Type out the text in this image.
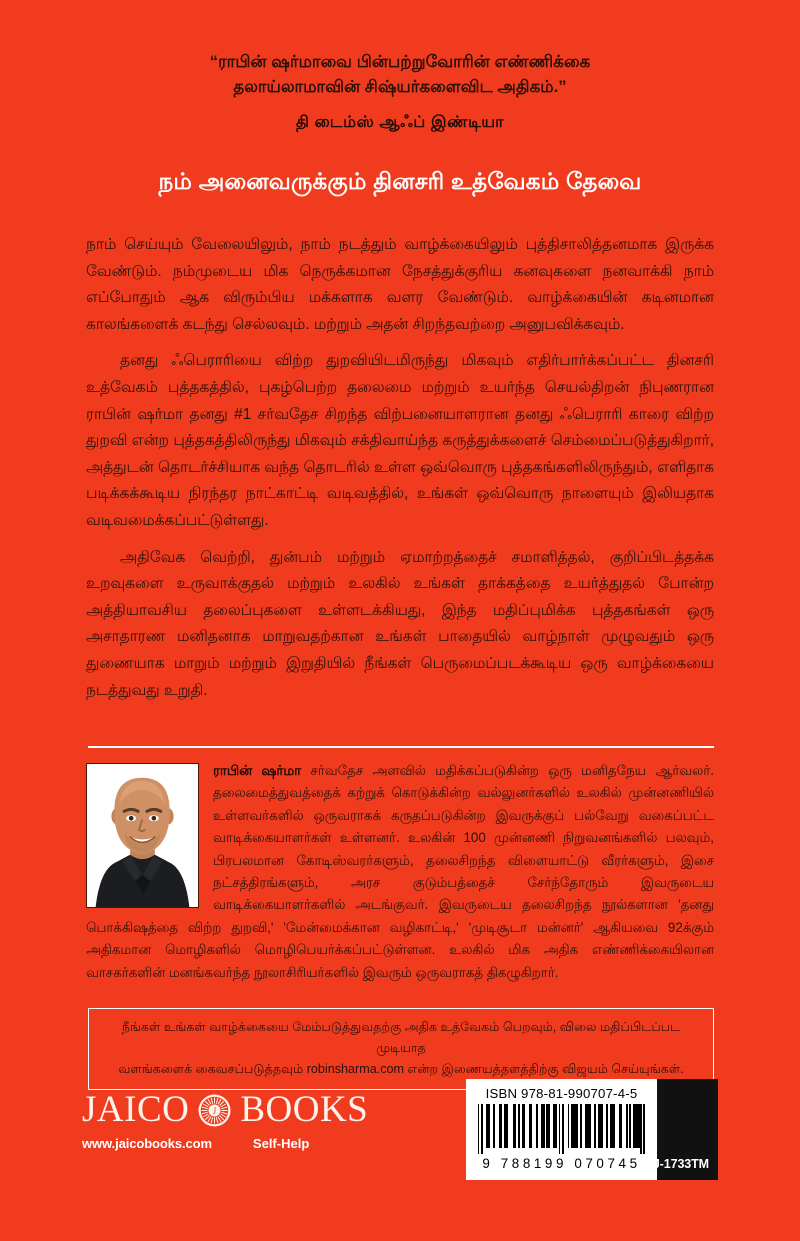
“ராபின் ஷர்மாவை பின்பற்றுவோரின் எண்ணிக்கை
தலாய்லாமாவின் சிஷ்யர்களைவிட அதிகம்.”
தி டைம்ஸ் ஆஃப் இண்டியா
நம் அனைவருக்கும் தினசரி உத்வேகம் தேவை

நாம் செய்யும் வேலையிலும், நாம் நடத்தும் வாழ்க்கையிலும் புத்திசாலித்தனமாக இருக்க வேண்டும். நம்முடைய மிக நெருக்கமான நேசத்துக்குரிய கனவுகளை நனவாக்கி நாம் எப்போதும் ஆக விரும்பிய மக்களாக வளர வேண்டும். வாழ்க்கையின் கடினமான காலங்களைக் கடந்து செல்லவும். மற்றும் அதன் சிறந்தவற்றை அனுபவிக்கவும்.

தனது ஃபெராரியை விற்ற துறவியிடமிருந்து மிகவும் எதிர்பார்க்கப்பட்ட தினசரி உத்வேகம் புத்தகத்தில், புகழ்பெற்ற தலைமை மற்றும் உயர்ந்த செயல்திறன் நிபுணரான ராபின் ஷர்மா தனது #1 சர்வதேச சிறந்த விற்பனையாளரான தனது ஃபெராரி காரை விற்ற துறவி என்ற புத்தகத்திலிருந்து மிகவும் சக்திவாய்ந்த கருத்துக்களைச் செம்மைப்படுத்துகிறார், அத்துடன் தொடர்ச்சியாக வந்த தொடரில் உள்ள ஒவ்வொரு புத்தகங்களிலிருந்தும், எளிதாக படிக்கக்கூடிய நிரந்தர நாட்காட்டி வடிவத்தில், உங்கள் ஒவ்வொரு நாளையும் இலியதாக வடிவமைக்கப்பட்டுள்ளது.

அதிவேக வெற்றி, துன்பம் மற்றும் ஏமாற்றத்தைச் சமாளித்தல், குறிப்பிடத்தக்க உறவுகளை உருவாக்குதல் மற்றும் உலகில் உங்கள் தாக்கத்தை உயர்த்துதல் போன்ற அத்தியாவசிய தலைப்புகளை உள்ளடக்கியது, இந்த மதிப்புமிக்க புத்தகங்கள் ஒரு அசாதாரண மனிதனாக மாறுவதற்கான உங்கள் பாதையில் வாழ்நாள் முழுவதும் ஒரு துணையாக மாறும் மற்றும் இறுதியில் நீங்கள் பெருமைப்படக்கூடிய ஒரு வாழ்க்கையை நடத்துவது உறுதி.

ராபின் ஷர்மா சர்வதேச அளவில் மதிக்கப்படுகின்ற ஒரு மனிதநேய ஆர்வலர். தலைமைத்துவத்தைக் கற்றுக் கொடுக்கின்ற வல்லுனர்களில் உலகில் முன்னணியில் உள்ளவர்களில் ஒருவராகக் கருதப்படுகின்ற இவருக்குப் பல்வேறு வகைப்பட்ட வாடிக்கையாளர்கள் உள்ளனர். உலகின் 100 முன்னணி நிறுவனங்களில் பலவும், பிரபலமான கோடிஸ்வரர்களும், தலைசிறந்த விளையாட்டு வீரர்களும், இசை நட்சத்திரங்களும், அரச குடும்பத்தைச் சேர்ந்தோரும் இவருடைய வாடிக்கையாளர்களில் அடங்குவர். இவருடைய தலைசிறந்த நூல்களான 'தனது பொக்கிஷத்தை விற்ற துறவி,' 'மேன்மைக்கான வழிகாட்டி,' 'முடிசூடா மன்னர்' ஆகியவை 92க்கும் அதிகமான மொழிகளில் மொழிபெயர்க்கப்பட்டுள்ளன. உலகில் மிக அதிக எண்ணிக்கையிலான வாசகர்களின் மனங்கவர்ந்த நூலாசிரியர்களில் இவரும் ஒருவராகத் திகழுகிறார்.
நீங்கள் உங்கள் வாழ்க்கையை மேம்படுத்துவதற்கு அதிக உத்வேகம் பெறவும், விலை மதிப்பிடப்பட முடியாத
வளங்களைக் கைவசப்படுத்தவும் robinsharma.com என்ற இணையத்தளத்திற்கு விஜயம் செய்யுங்கள்.
JAICO J BOOKS
www.jaicobooks.com	Self-Help
ISBN 978-81-990707-4-5
9 788199 070745 J-1733TM
